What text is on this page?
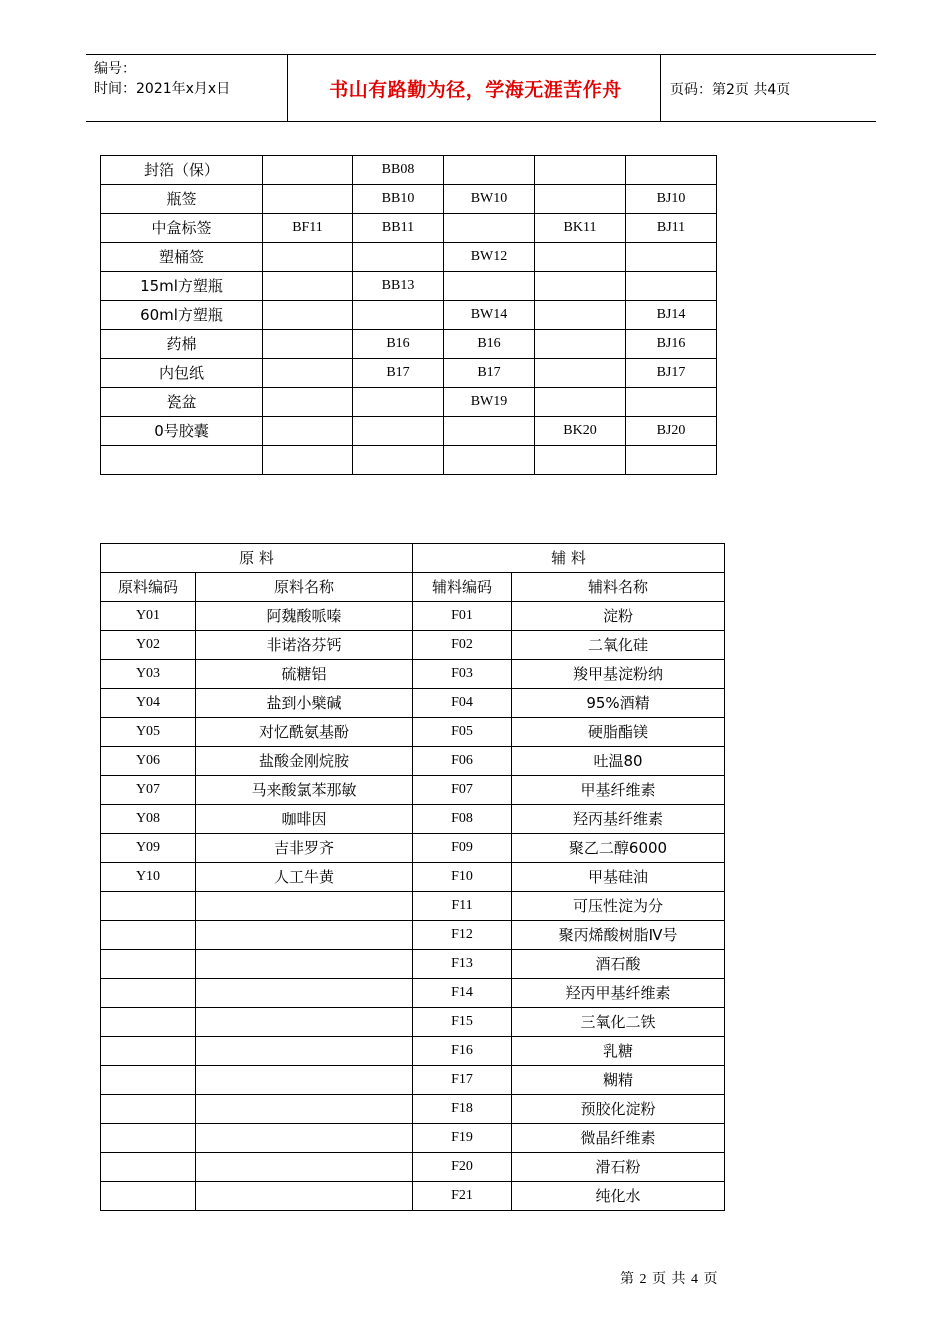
编号：
时间：2021年x月x日	书山有路勤为径，学海无涯苦作舟	页码：第2页 共4页
封箔（保）		BB08			
瓶签		BB10	BW10		BJ10
中盒标签	BF11	BB11		BK11	BJ11
塑桶签			BW12		
15ml方塑瓶		BB13			
60ml方塑瓶			BW14		BJ14
药棉		B16	B16		BJ16
内包纸		B17	B17		BJ17
瓷盆			BW19		
0号胶囊				BK20	BJ20

原 料		辅 料	
原料编码	原料名称	辅料编码	辅料名称
Y01	阿魏酸哌嗪	F01	淀粉
Y02	非诺洛芬钙	F02	二氧化硅
Y03	硫糖铝	F03	羧甲基淀粉纳
Y04	盐到小檗碱	F04	95%酒精
Y05	对忆酰氨基酚	F05	硬脂酯镁
Y06	盐酸金刚烷胺	F06	吐温80
Y07	马来酸氯苯那敏	F07	甲基纤维素
Y08	咖啡因	F08	羟丙基纤维素
Y09	吉非罗齐	F09	聚乙二醇6000
Y10	人工牛黄	F10	甲基硅油
		F11	可压性淀为分
		F12	聚丙烯酸树脂Ⅳ号
		F13	酒石酸
		F14	羟丙甲基纤维素
		F15	三氧化二铁
		F16	乳糖
		F17	糊精
		F18	预胶化淀粉
		F19	微晶纤维素
		F20	滑石粉
		F21	纯化水
第 2 页 共 4 页
